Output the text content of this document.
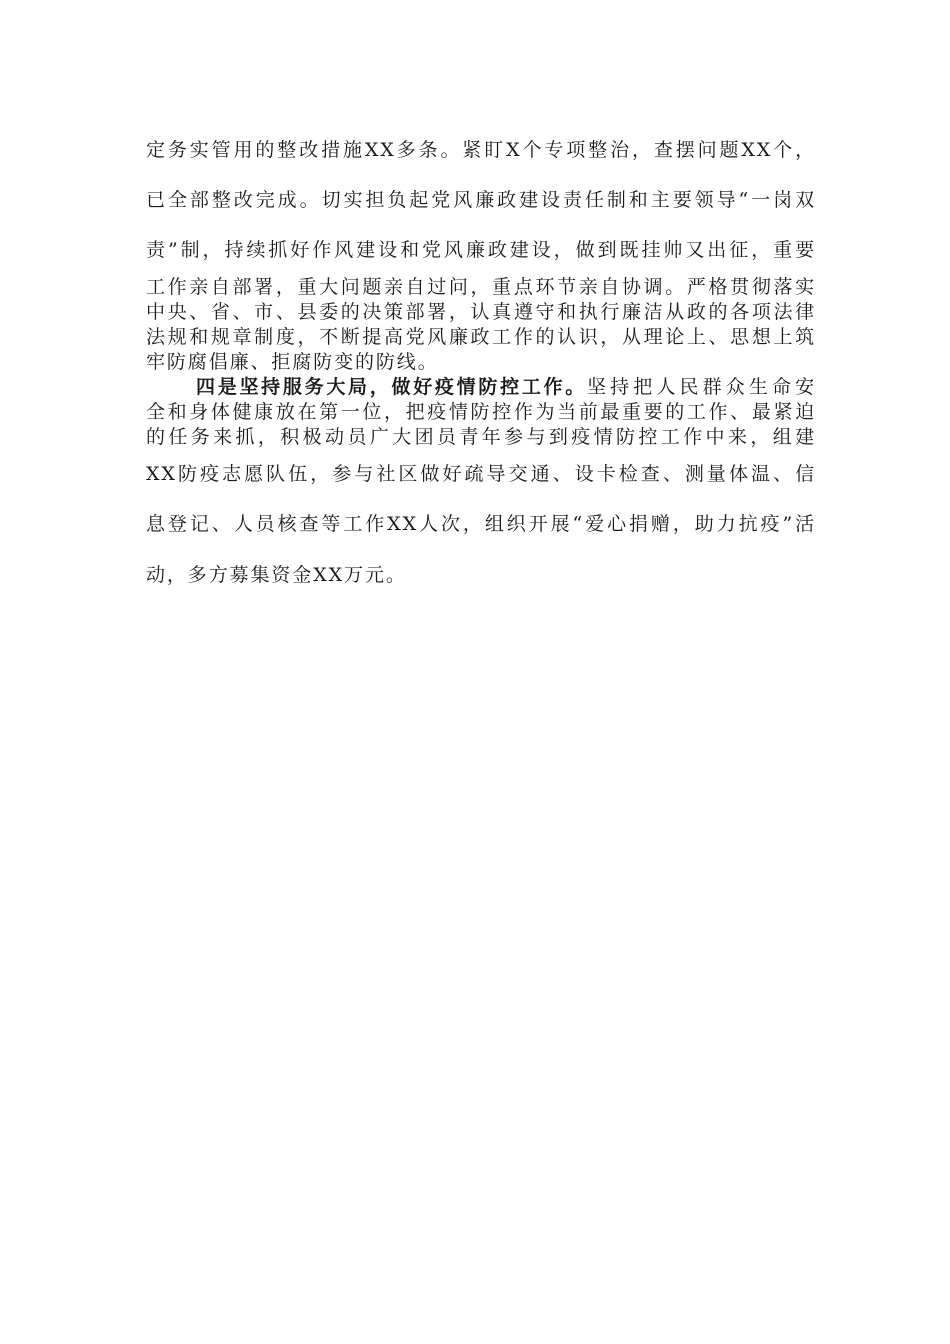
定务实管用的整改措施XX多条。紧盯X个专项整治，查摆问题XX个，
已全部整改完成。切实担负起党风廉政建设责任制和主要领导“一岗双
责”制，持续抓好作风建设和党风廉政建设，做到既挂帅又出征，重要
工作亲自部署，重大问题亲自过问，重点环节亲自协调。严格贯彻落实
中央、省、市、县委的决策部署，认真遵守和执行廉洁从政的各项法律
法规和规章制度，不断提高党风廉政工作的认识，从理论上、思想上筑
牢防腐倡廉、拒腐防变的防线。
四是坚持服务大局，做好疫情防控工作。坚持把人民群众生命安
全和身体健康放在第一位，把疫情防控作为当前最重要的工作、最紧迫
的任务来抓，积极动员广大团员青年参与到疫情防控工作中来，组建
XX防疫志愿队伍，参与社区做好疏导交通、设卡检查、测量体温、信
息登记、人员核查等工作XX人次，组织开展“爱心捐赠，助力抗疫”活
动，多方募集资金XX万元。
